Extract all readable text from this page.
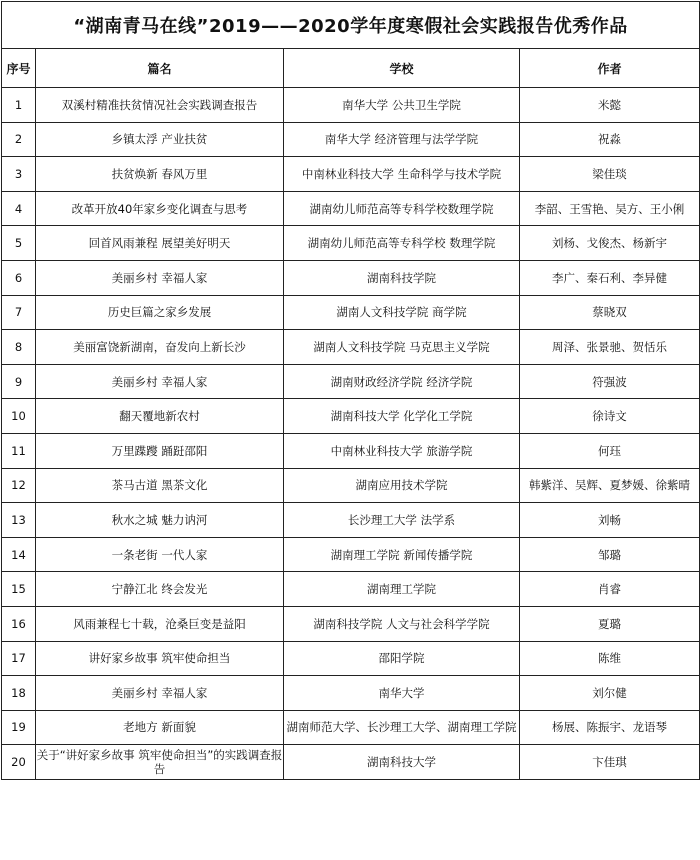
“湖南青马在线”2019——2020学年度寒假社会实践报告优秀作品			
序号	篇名	学校	作者
1	双溪村精准扶贫情况社会实践调查报告	南华大学 公共卫生学院	米懿
2	乡镇太浮 产业扶贫	南华大学 经济管理与法学学院	祝淼
3	扶贫焕新 春风万里	中南林业科技大学 生命科学与技术学院	梁佳琰
4	改革开放40年家乡变化调查与思考	湖南幼儿师范高等专科学校数理学院	李韶、王雪艳、吴方、王小俐
5	回首风雨兼程 展望美好明天	湖南幼儿师范高等专科学校 数理学院	刘杨、戈俊杰、杨新宇
6	美丽乡村 幸福人家	湖南科技学院	李广、秦石利、李异健
7	历史巨篇之家乡发展	湖南人文科技学院 商学院	蔡晓双
8	美丽富饶新湖南，奋发向上新长沙	湖南人文科技学院 马克思主义学院	周泽、张景驰、贺恬乐
9	美丽乡村 幸福人家	湖南财政经济学院 经济学院	符强波
10	翻天覆地新农村	湖南科技大学 化学化工学院	徐诗文
11	万里蹀躞 踊跹邵阳	中南林业科技大学 旅游学院	何珏
12	茶马古道 黑茶文化	湖南应用技术学院	韩紫洋、吴辉、夏梦媛、徐紫晴
13	秋水之城 魅力讷河	长沙理工大学 法学系	刘畅
14	一条老街 一代人家	湖南理工学院 新闻传播学院	邹璐
15	宁静江北 终会发光	湖南理工学院	肖睿
16	风雨兼程七十载，沧桑巨变是益阳	湖南科技学院 人文与社会科学学院	夏璐
17	讲好家乡故事 筑牢使命担当	邵阳学院	陈维
18	美丽乡村 幸福人家	南华大学	刘尔健
19	老地方 新面貌	湖南师范大学、长沙理工大学、湖南理工学院	杨展、陈振宇、龙语琴
20	关于“讲好家乡故事 筑牢使命担当”的实践调查报告	湖南科技大学	卞佳琪
